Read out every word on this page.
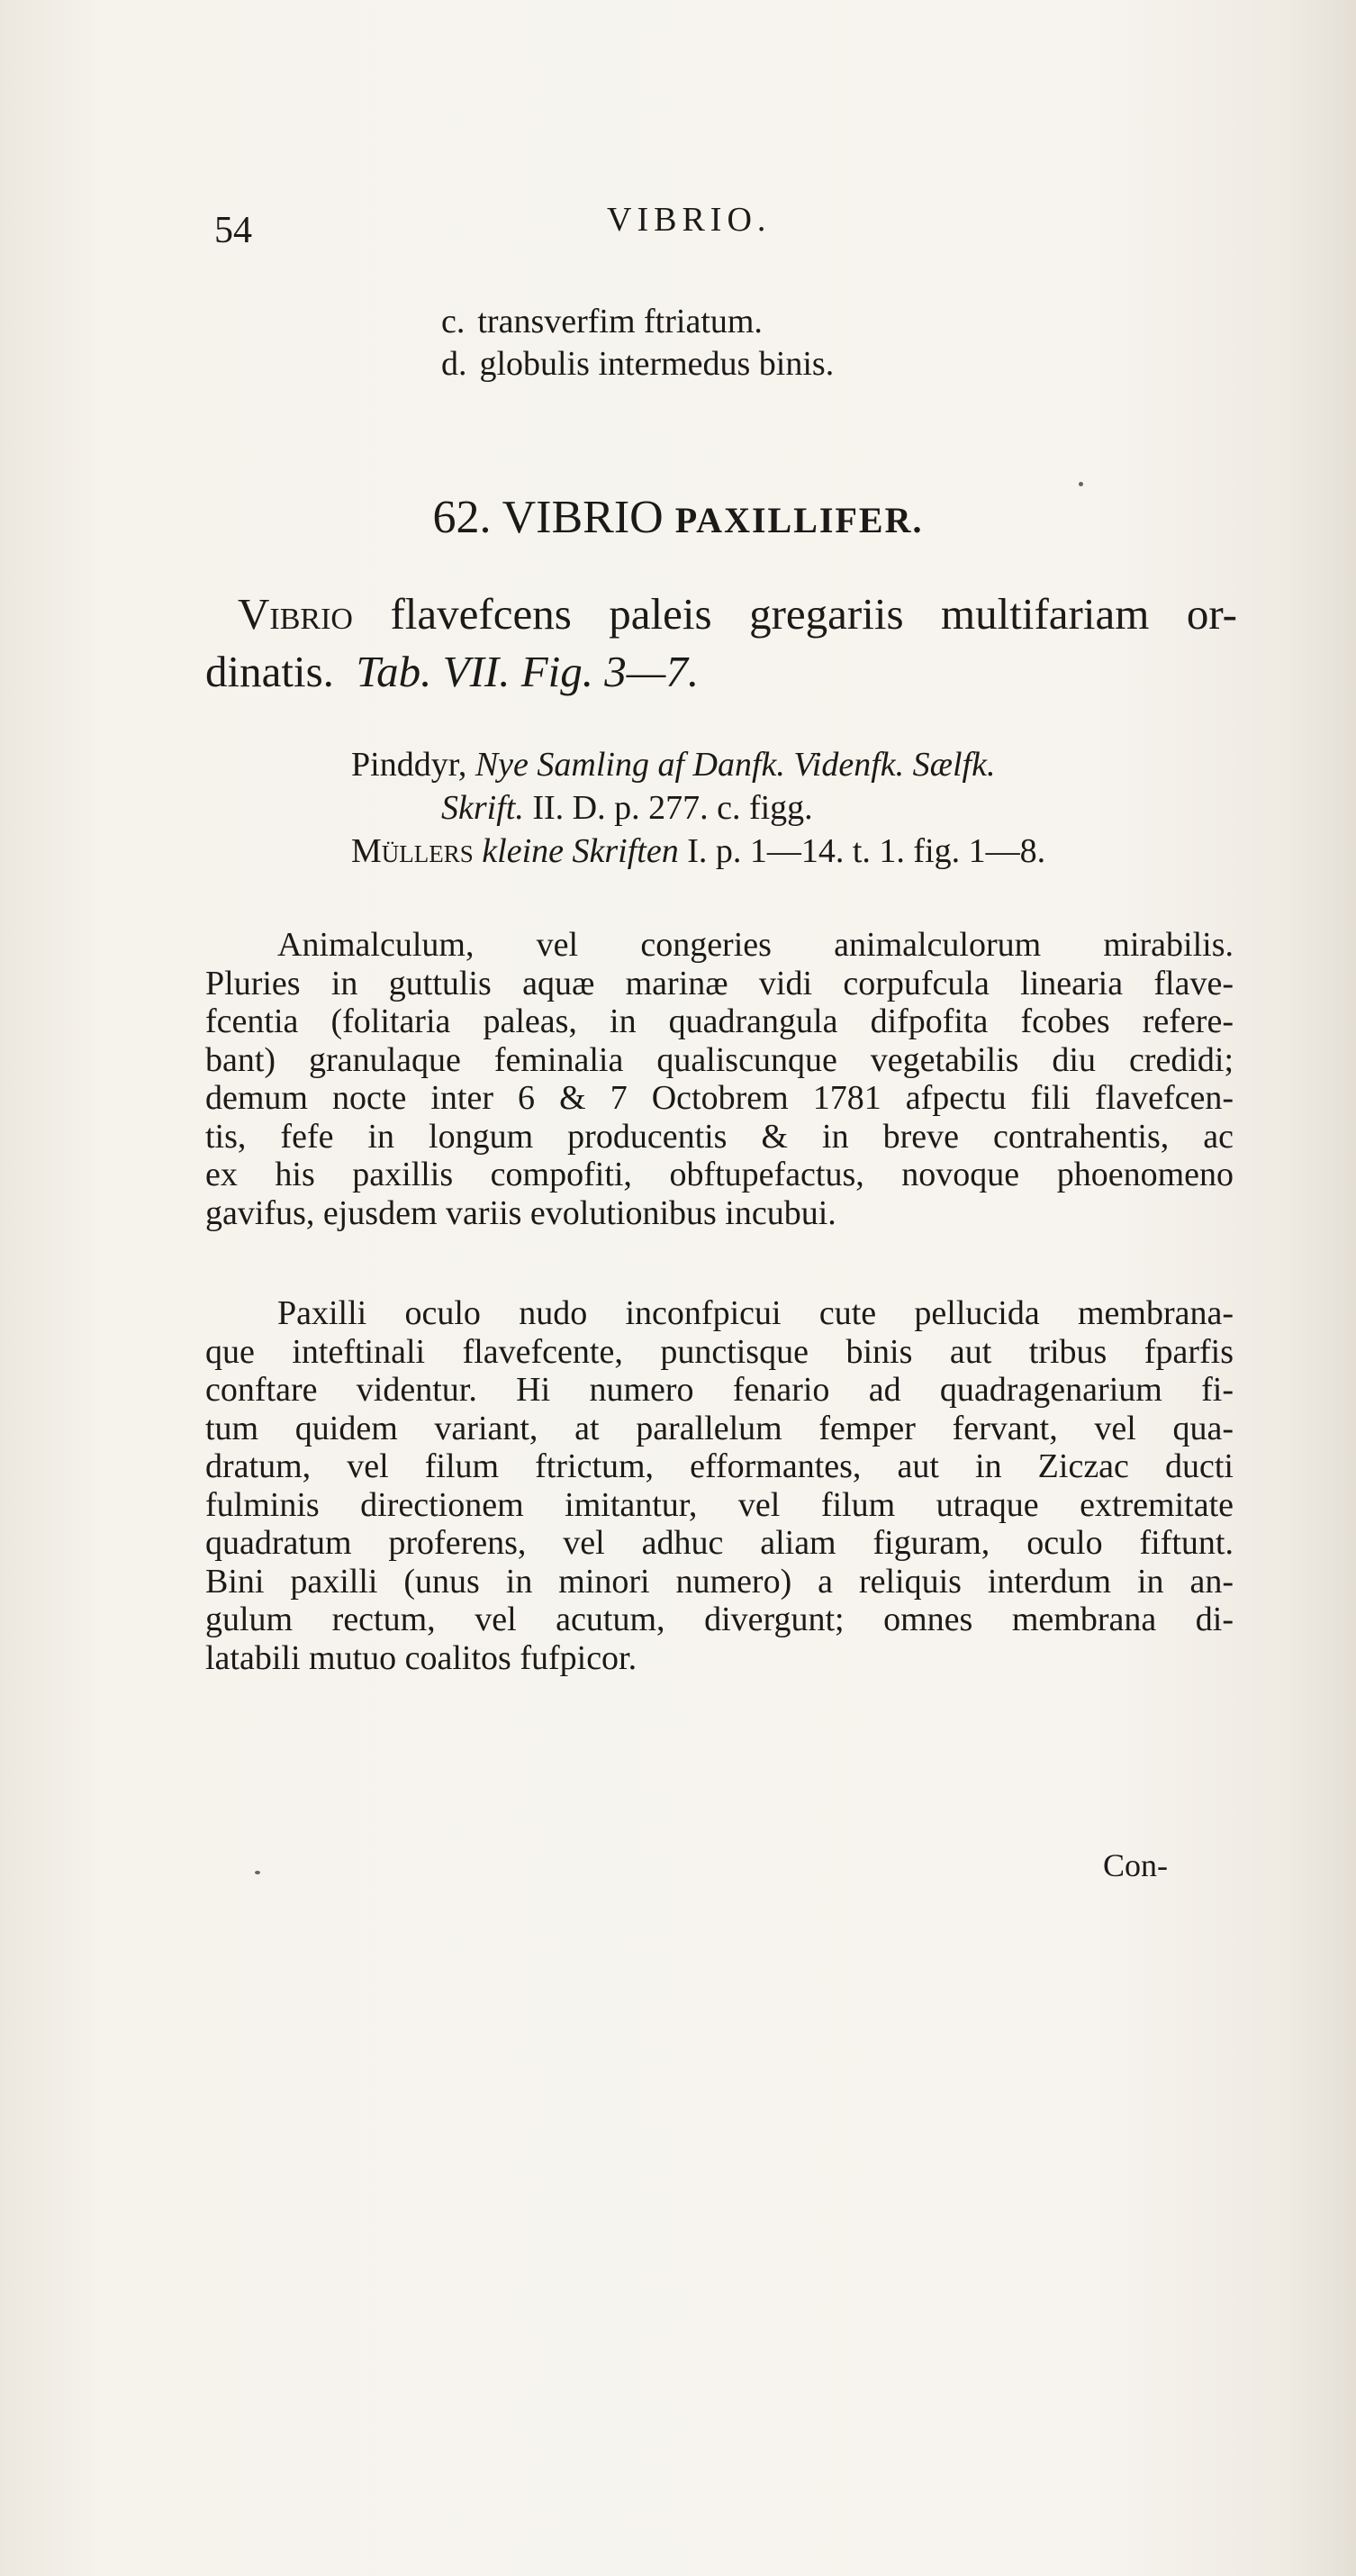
54	VIBRIO.
c. transverfim ftriatum.
d. globulis intermedus binis.
62. VIBRIO PAXILLIFER.
Vibrio flavefcens paleis gregariis multifariam or-
dinatis. Tab. VII. Fig. 3—7.
Pinddyr, Nye Samling af Danfk. Videnfk. Sælfk.
Skrift. II. D. p. 277. c. figg.
Müllers kleine Skriften I. p. 1—14. t. 1. fig. 1—8.
Animalculum, vel congeries animalculorum mirabilis.
Pluries in guttulis aquæ marinæ vidi corpufcula linearia flave-
fcentia (folitaria paleas, in quadrangula difpofita fcobes refere-
bant) granulaque feminalia qualiscunque vegetabilis diu credidi;
demum nocte inter 6 & 7 Octobrem 1781 afpectu fili flavefcen-
tis, fefe in longum producentis & in breve contrahentis, ac
ex his paxillis compofiti, obftupefactus, novoque phoenomeno
gavifus, ejusdem variis evolutionibus incubui.
Paxilli oculo nudo inconfpicui cute pellucida membrana-
que inteftinali flavefcente, punctisque binis aut tribus fparfis
conftare videntur. Hi numero fenario ad quadragenarium fi-
tum quidem variant, at parallelum femper fervant, vel qua-
dratum, vel filum ftrictum, efformantes, aut in Ziczac ducti
fulminis directionem imitantur, vel filum utraque extremitate
quadratum proferens, vel adhuc aliam figuram, oculo fiftunt.
Bini paxilli (unus in minori numero) a reliquis interdum in an-
gulum rectum, vel acutum, divergunt; omnes membrana di-
latabili mutuo coalitos fufpicor.
Con-
